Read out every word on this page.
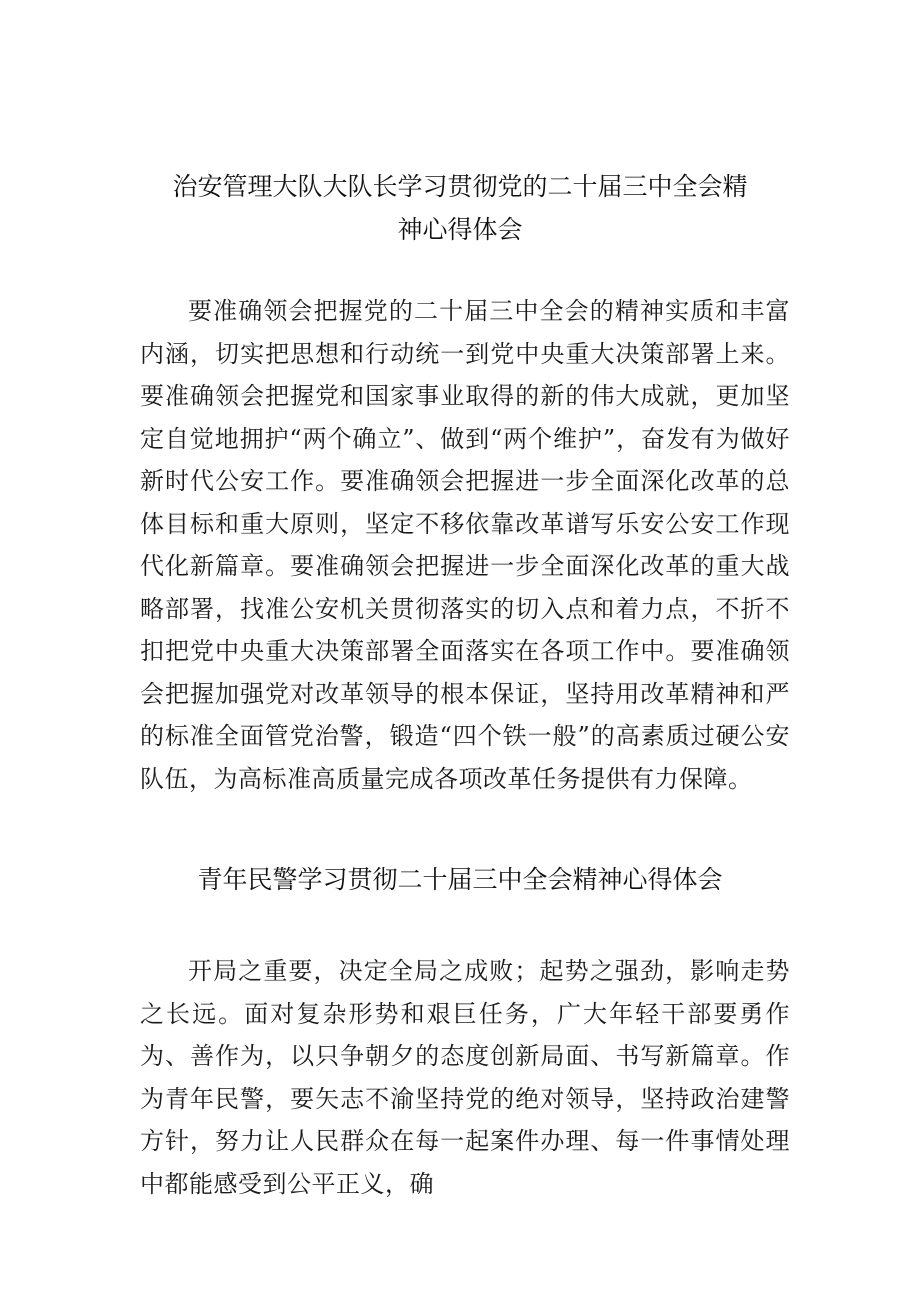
治安管理大队大队长学习贯彻党的二十届三中全会精
神心得体会

要准确领会把握党的二十届三中全会的精神实质和丰富内涵，切实把思想和行动统一到党中央重大决策部署上来。要准确领会把握党和国家事业取得的新的伟大成就，更加坚定自觉地拥护“两个确立”、做到“两个维护”，奋发有为做好新时代公安工作。要准确领会把握进一步全面深化改革的总体目标和重大原则，坚定不移依靠改革谱写乐安公安工作现代化新篇章。要准确领会把握进一步全面深化改革的重大战略部署，找准公安机关贯彻落实的切入点和着力点，不折不扣把党中央重大决策部署全面落实在各项工作中。要准确领会把握加强党对改革领导的根本保证，坚持用改革精神和严的标准全面管党治警，锻造“四个铁一般”的高素质过硬公安队伍，为高标准高质量完成各项改革任务提供有力保障。

青年民警学习贯彻二十届三中全会精神心得体会

开局之重要，决定全局之成败；起势之强劲，影响走势之长远。面对复杂形势和艰巨任务，广大年轻干部要勇作为、善作为，以只争朝夕的态度创新局面、书写新篇章。作为青年民警，要矢志不渝坚持党的绝对领导，坚持政治建警方针，努力让人民群众在每一起案件办理、每一件事情处理中都能感受到公平正义，确
